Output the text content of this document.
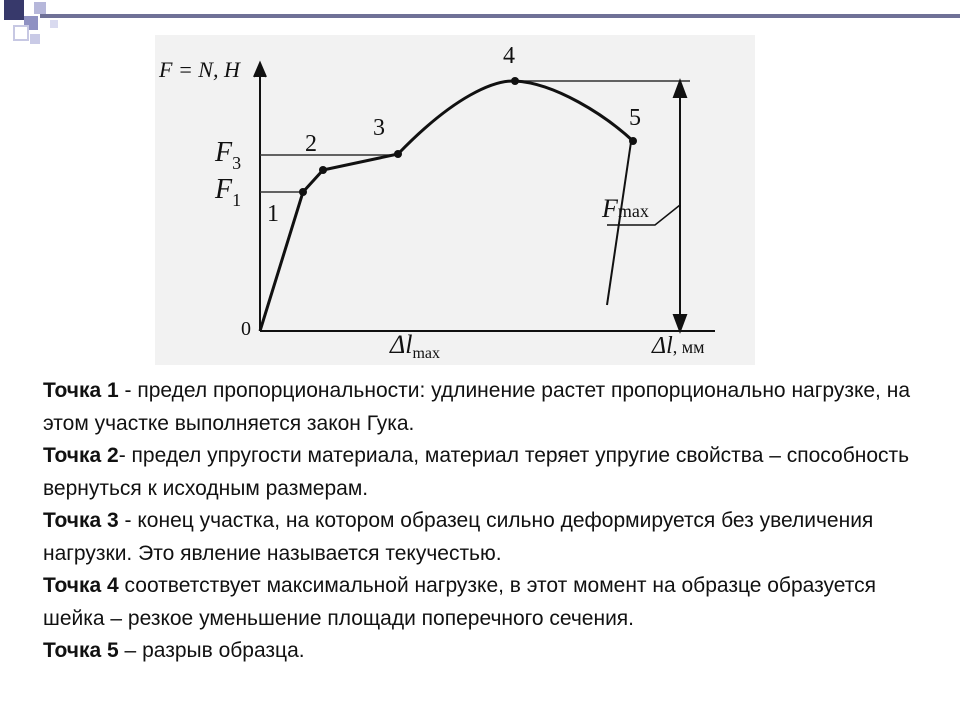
F = N, Н
0
$F_3$
$F_1$
1
2
3
4
5
Fmax
Δlmax	Δl, мм

Точка 1 - предел пропорциональности: удлинение растет пропорционально нагрузке, на этом участке выполняется закон Гука.

Точка 2- предел упругости материала, материал теряет упругие свойства – способность вернуться к исходным размерам.

Точка 3 - конец участка, на котором образец сильно деформируется без увеличения нагрузки. Это явление называется текучестью.

Точка 4 соответствует максимальной нагрузке, в этот момент на образце образуется шейка – резкое уменьшение площади поперечного сечения.

Точка 5 – разрыв образца.
